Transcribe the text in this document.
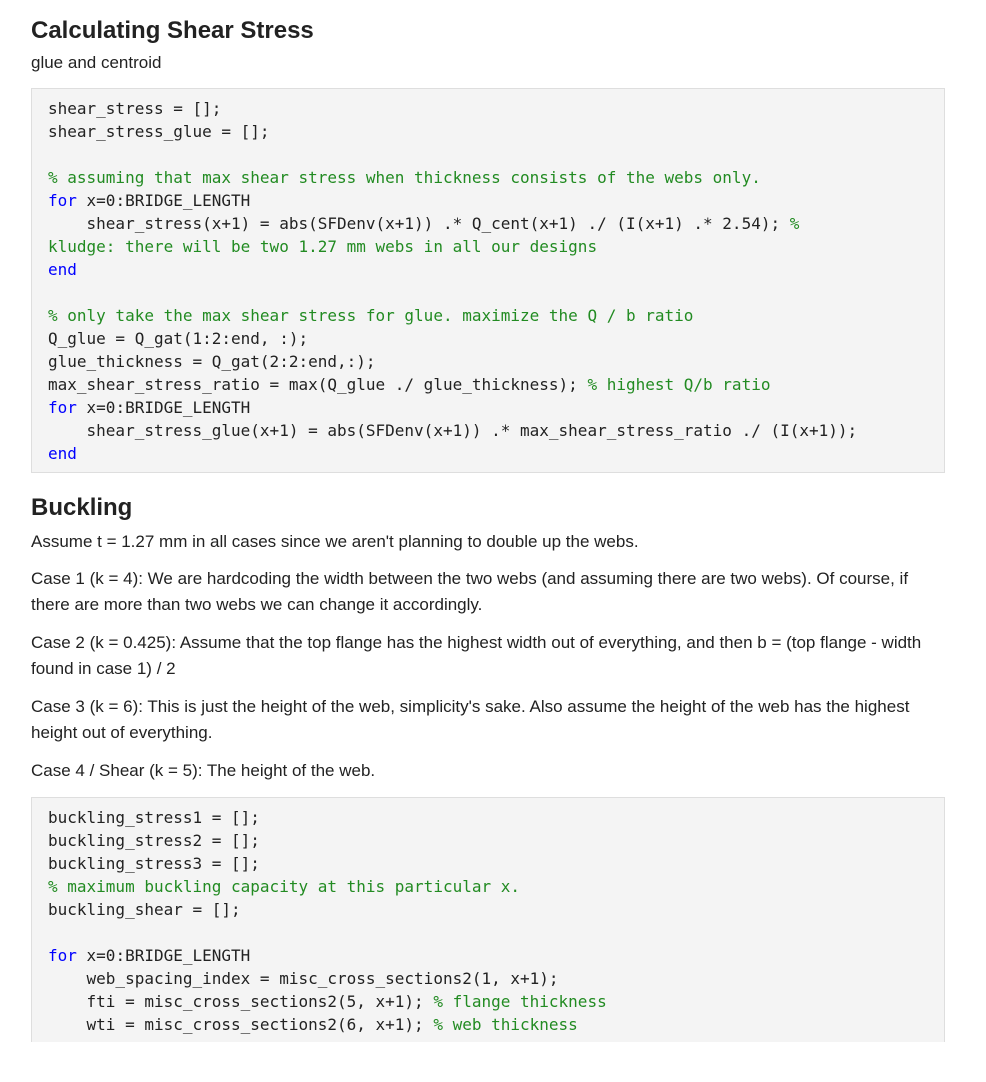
Calculating Shear Stress

glue and centroid

shear_stress = [];
shear_stress_glue = [];
% assuming that max shear stress when thickness consists of the webs only.
for x=0:BRIDGE_LENGTH
shear_stress(x+1) = abs(SFDenv(x+1)) .* Q_cent(x+1) ./ (I(x+1) .* 2.54); %
kludge: there will be two 1.27 mm webs in all our designs
end
% only take the max shear stress for glue. maximize the Q / b ratio
Q_glue = Q_gat(1:2:end, :);
glue_thickness = Q_gat(2:2:end,:);
max_shear_stress_ratio = max(Q_glue ./ glue_thickness); % highest Q/b ratio
for x=0:BRIDGE_LENGTH
shear_stress_glue(x+1) = abs(SFDenv(x+1)) .* max_shear_stress_ratio ./ (I(x+1));
end
Buckling

Assume t = 1.27 mm in all cases since we aren't planning to double up the webs.

Case 1 (k = 4): We are hardcoding the width between the two webs (and assuming there are two webs). Of course, if there are more than two webs we can change it accordingly.

Case 2 (k = 0.425): Assume that the top flange has the highest width out of everything, and then b = (top flange - width found in case 1) / 2

Case 3 (k = 6): This is just the height of the web, simplicity's sake. Also assume the height of the web has the highest height out of everything.

Case 4 / Shear (k = 5): The height of the web.

buckling_stress1 = [];
buckling_stress2 = [];
buckling_stress3 = [];
% maximum buckling capacity at this particular x.
buckling_shear = [];
for x=0:BRIDGE_LENGTH
web_spacing_index = misc_cross_sections2(1, x+1);
fti = misc_cross_sections2(5, x+1); % flange thickness
wti = misc_cross_sections2(6, x+1); % web thickness
